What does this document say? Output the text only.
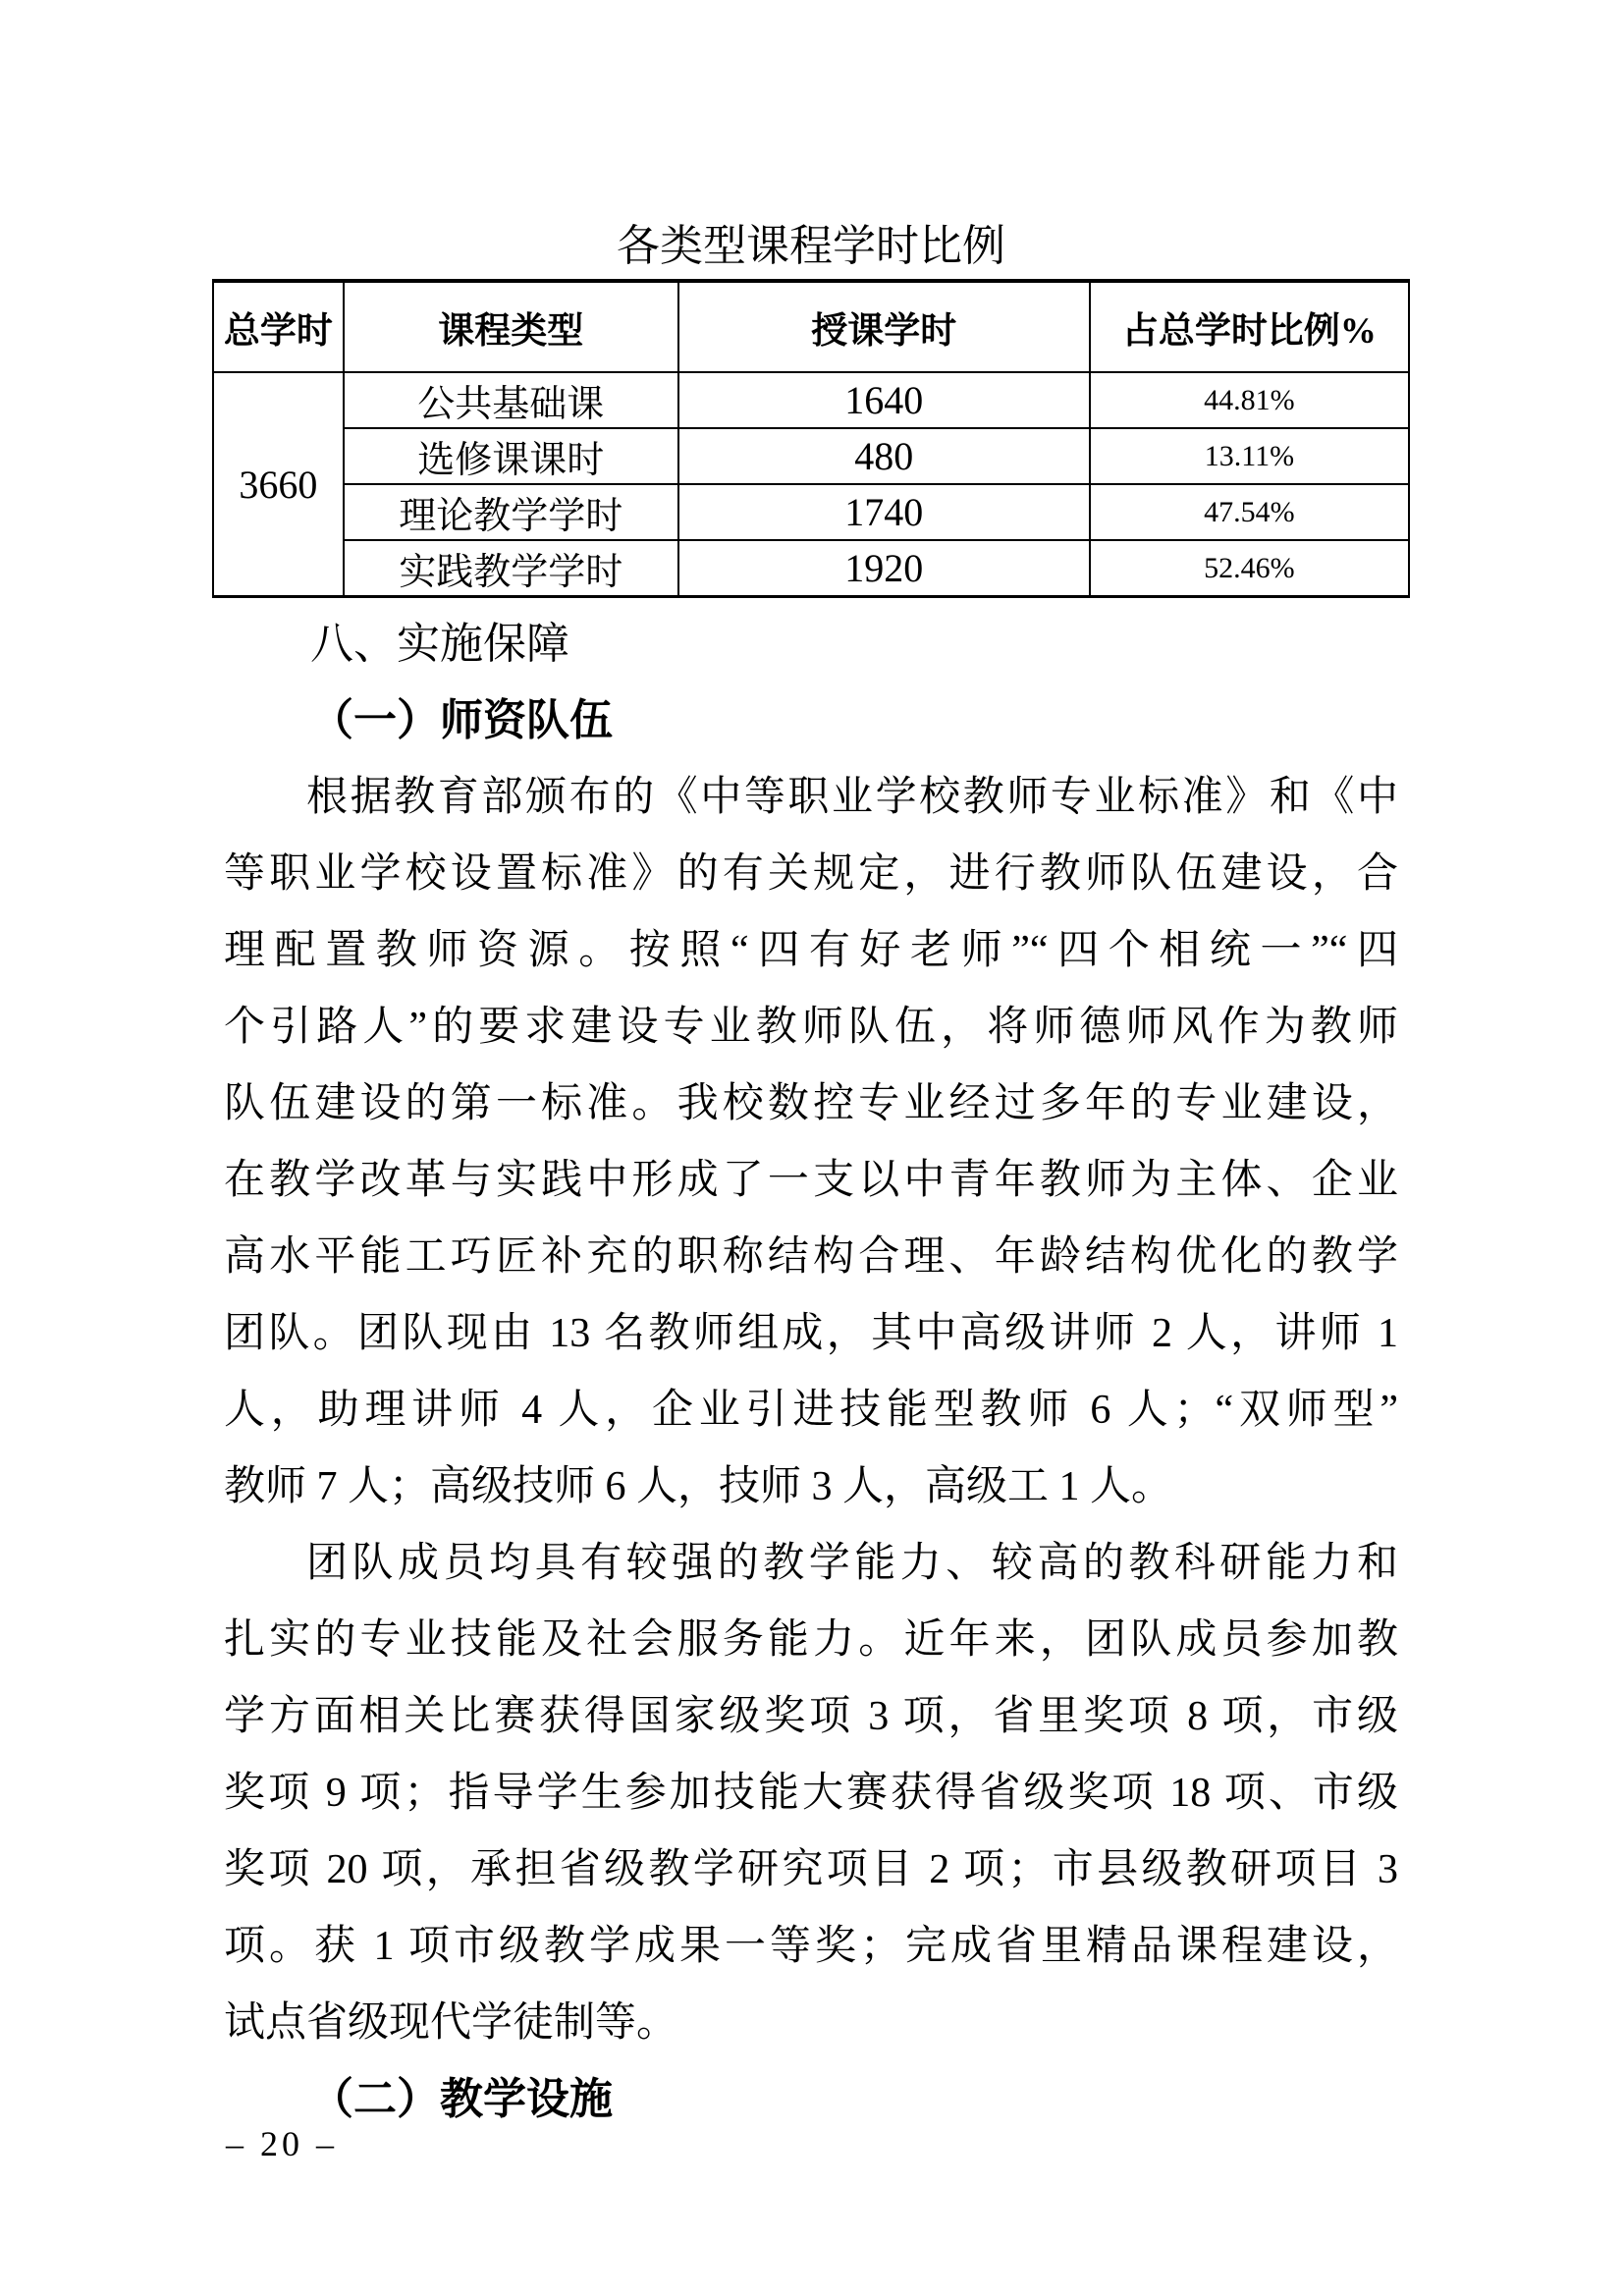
各类型课程学时比例
总学时	课程类型	授课学时	占总学时比例%
3660	公共基础课	1640	44.81%
	选修课课时	480	13.11%
	理论教学学时	1740	47.54%
	实践教学学时	1920	52.46%
八、实施保障
（一）师资队伍
根据教育部颁布的《中等职业学校教师专业标准》和《中
等职业学校设置标准》的有关规定，进行教师队伍建设，合
理配置教师资源。按照“四有好老师”“四个相统一”“四
个引路人”的要求建设专业教师队伍，将师德师风作为教师
队伍建设的第一标准。我校数控专业经过多年的专业建设，
在教学改革与实践中形成了一支以中青年教师为主体、企业
高水平能工巧匠补充的职称结构合理、年龄结构优化的教学
团队。团队现由 13 名教师组成，其中高级讲师 2 人，讲师 1
人，助理讲师 4 人，企业引进技能型教师 6 人；“双师型”
教师 7 人；高级技师 6 人，技师 3 人，高级工 1 人。
团队成员均具有较强的教学能力、较高的教科研能力和
扎实的专业技能及社会服务能力。近年来，团队成员参加教
学方面相关比赛获得国家级奖项 3 项，省里奖项 8 项，市级
奖项 9 项；指导学生参加技能大赛获得省级奖项 18 项、市级
奖项 20 项，承担省级教学研究项目 2 项；市县级教研项目 3
项。获 1 项市级教学成果一等奖；完成省里精品课程建设，
试点省级现代学徒制等。
（二）教学设施
– 20 –
